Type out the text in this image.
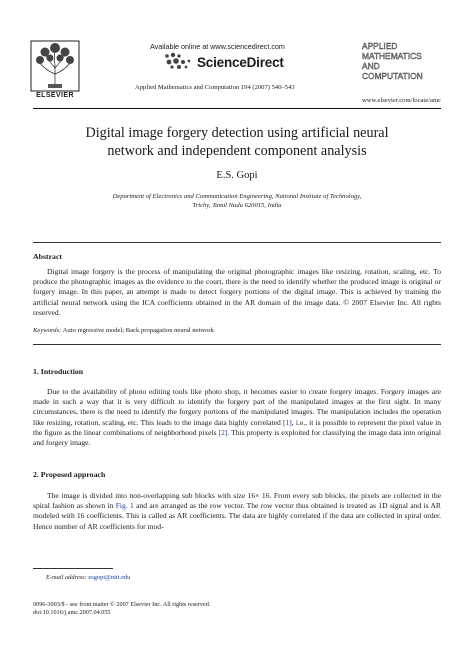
ELSEVIER
Available online at www.sciencedirect.com
ScienceDirect
Applied Mathematics and Computation 194 (2007) 540–543
APPLIED
MATHEMATICS
AND
COMPUTATION
www.elsevier.com/locate/amc
Digital image forgery detection using artificial neural
network and independent component analysis
E.S. Gopi
Department of Electronics and Communication Engineering, National Institute of Technology,
Trichy, Tamil Nadu 620015, India
Abstract
Digital image forgery is the process of manipulating the original photographic images like resizing, rotation, scaling, etc. To produce the photographic images as the evidence to the court, there is the need to identify whether the produced image is original or forgery image. In this paper, an attempt is made to detect forgery portions of the digital image. This is achieved by training the artificial neural network using the ICA coefficients obtained in the AR domain of the image data. © 2007 Elsevier Inc. All rights reserved.
Keywords: Auto regressive model; Back propagation neural network
1. Introduction
Due to the availability of photo editing tools like photo shop, it becomes easier to create forgery images. Forgery images are made in such a way that it is very difficult to identify the forgery part of the manipulated images at the first sight. In many circumstances, there is the need to identify the forgery portions of the manipulated images. The manipulation includes the operation like resizing, rotation, scaling, etc. This leads to the image data highly correlated [1], i.e., it is possible to represent the pixel value in the figure as the linear combinations of neighborhood pixels [2]. This property is exploited for classifying the image data into original and forgery image.
2. Proposed approach
The image is divided into non-overlapping sub blocks with size 16× 16. From every sub blocks, the pixels are collected in the spiral fashion as shown in Fig. 1 and are arranged as the row vector. The row vector thus obtained is treated as 1D signal and is AR modeled with 16 coefficients. This is called as AR coefficients. The data are highly correlated if the data are collected in spiral order. Hence number of AR coefficients for mod-
E-mail address: esgopi@nitt.edu
0096-3003/$ - see front matter © 2007 Elsevier Inc. All rights reserved.
doi:10.1016/j.amc.2007.04.055
